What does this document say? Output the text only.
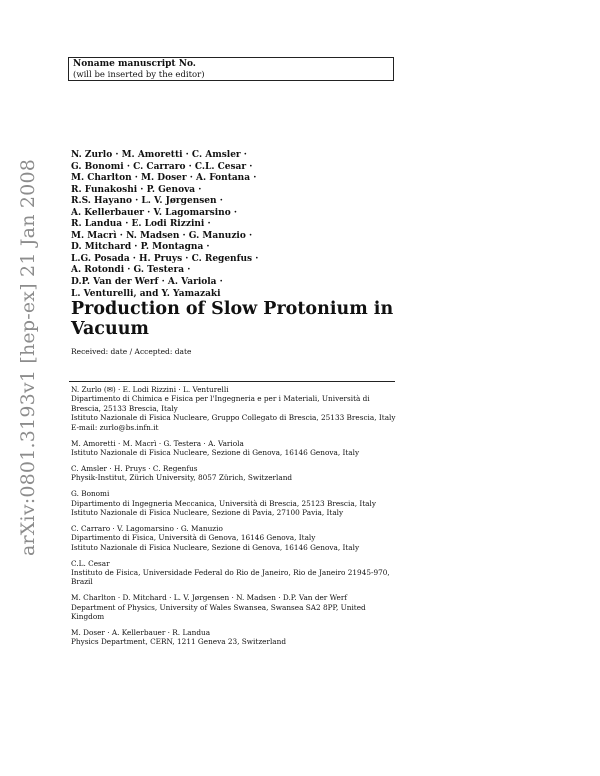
Noname manuscript No.
(will be inserted by the editor)
arXiv:0801.3193v1 [hep-ex] 21 Jan 2008
N. Zurlo · M. Amoretti · C. Amsler ·
G. Bonomi · C. Carraro · C.L. Cesar ·
M. Charlton · M. Doser · A. Fontana ·
R. Funakoshi · P. Genova ·
R.S. Hayano · L. V. Jørgensen ·
A. Kellerbauer · V. Lagomarsino ·
R. Landua · E. Lodi Rizzini ·
M. Macrì · N. Madsen · G. Manuzio ·
D. Mitchard · P. Montagna ·
L.G. Posada · H. Pruys · C. Regenfus ·
A. Rotondi · G. Testera ·
D.P. Van der Werf · A. Variola ·
L. Venturelli, and Y. Yamazaki
Production of Slow Protonium in
Vacuum
Received: date / Accepted: date
N. Zurlo (✉) · E. Lodi Rizzini · L. Venturelli
Dipartimento di Chimica e Fisica per l'Ingegneria e per i Materiali, Università di Brescia, 25133 Brescia, Italy
Istituto Nazionale di Fisica Nucleare, Gruppo Collegato di Brescia, 25133 Brescia, Italy
E-mail: zurlo@bs.infn.it
M. Amoretti · M. Macrì · G. Testera · A. Variola
Istituto Nazionale di Fisica Nucleare, Sezione di Genova, 16146 Genova, Italy
C. Amsler · H. Pruys · C. Regenfus
Physik-Institut, Zürich University, 8057 Zürich, Switzerland
G. Bonomi
Dipartimento di Ingegneria Meccanica, Università di Brescia, 25123 Brescia, Italy
Istituto Nazionale di Fisica Nucleare, Sezione di Pavia, 27100 Pavia, Italy
C. Carraro · V. Lagomarsino · G. Manuzio
Dipartimento di Fisica, Università di Genova, 16146 Genova, Italy
Istituto Nazionale di Fisica Nucleare, Sezione di Genova, 16146 Genova, Italy
C.L. Cesar
Instituto de Fisica, Universidade Federal do Rio de Janeiro, Rio de Janeiro 21945-970, Brazil
M. Charlton · D. Mitchard · L. V. Jørgensen · N. Madsen · D.P. Van der Werf
Department of Physics, University of Wales Swansea, Swansea SA2 8PP, United Kingdom
M. Doser · A. Kellerbauer · R. Landua
Physics Department, CERN, 1211 Geneva 23, Switzerland
